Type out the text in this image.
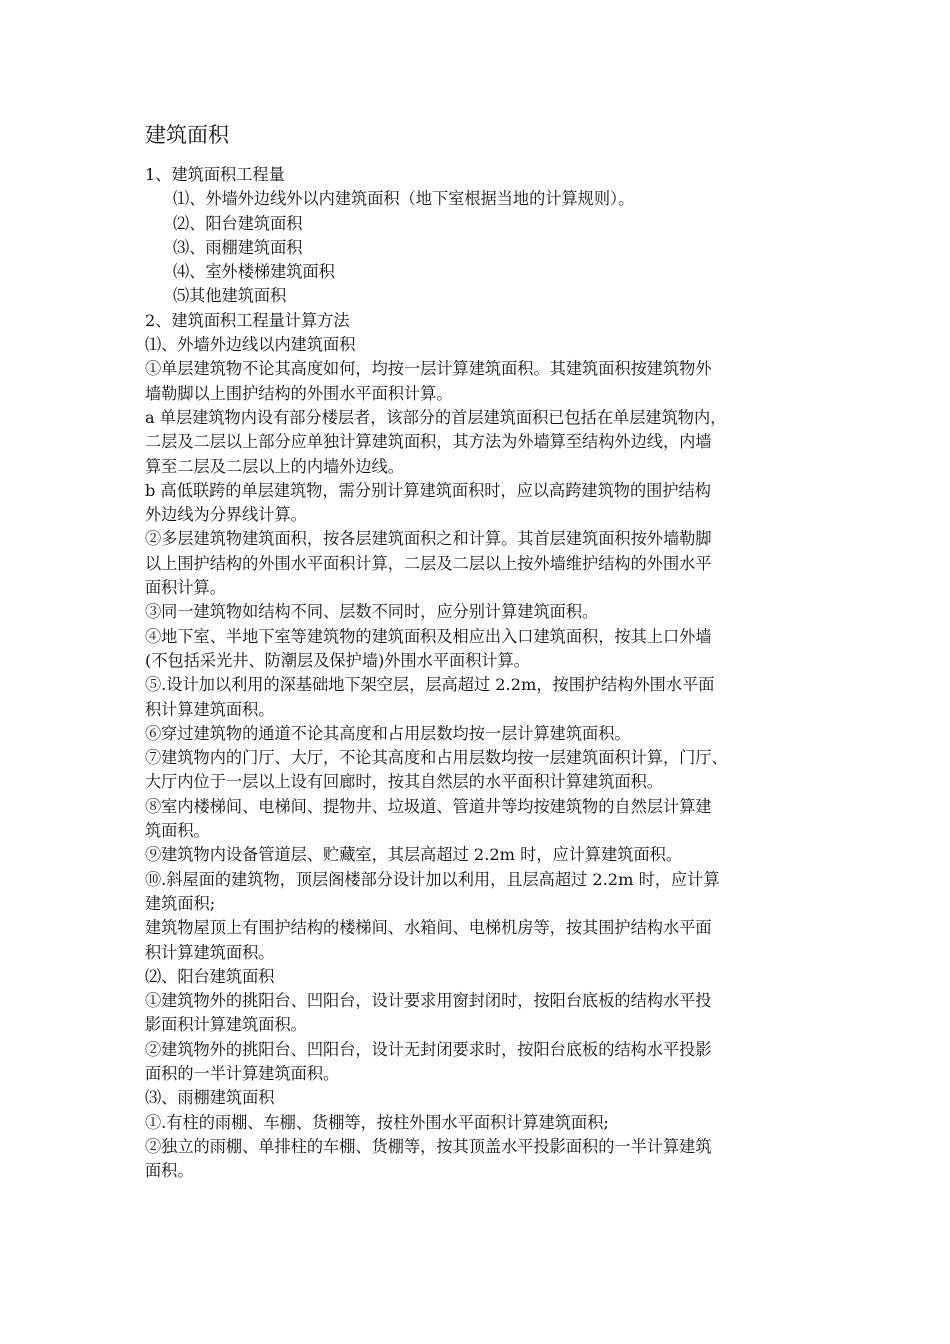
建筑面积
1、建筑面积工程量
⑴、外墙外边线外以内建筑面积（地下室根据当地的计算规则）。
⑵、阳台建筑面积
⑶、雨棚建筑面积
⑷、室外楼梯建筑面积
⑸其他建筑面积
2、建筑面积工程量计算方法
⑴、外墙外边线以内建筑面积
①单层建筑物不论其高度如何，均按一层计算建筑面积。其建筑面积按建筑物外
墙勒脚以上围护结构的外围水平面积计算。
a 单层建筑物内设有部分楼层者，该部分的首层建筑面积已包括在单层建筑物内，
二层及二层以上部分应单独计算建筑面积，其方法为外墙算至结构外边线，内墙
算至二层及二层以上的内墙外边线。
b 高低联跨的单层建筑物，需分别计算建筑面积时，应以高跨建筑物的围护结构
外边线为分界线计算。
②多层建筑物建筑面积，按各层建筑面积之和计算。其首层建筑面积按外墙勒脚
以上围护结构的外围水平面积计算，二层及二层以上按外墙维护结构的外围水平
面积计算。
③同一建筑物如结构不同、层数不同时，应分别计算建筑面积。
④地下室、半地下室等建筑物的建筑面积及相应出入口建筑面积，按其上口外墙
(不包括采光井、防潮层及保护墙)外围水平面积计算。
⑤.设计加以利用的深基础地下架空层，层高超过 2.2m，按围护结构外围水平面
积计算建筑面积。
⑥穿过建筑物的通道不论其高度和占用层数均按一层计算建筑面积。
⑦建筑物内的门厅、大厅，不论其高度和占用层数均按一层建筑面积计算，门厅、
大厅内位于一层以上设有回廊时，按其自然层的水平面积计算建筑面积。
⑧室内楼梯间、电梯间、提物井、垃圾道、管道井等均按建筑物的自然层计算建
筑面积。
⑨建筑物内设备管道层、贮藏室，其层高超过 2.2m 时，应计算建筑面积。
⑩.斜屋面的建筑物，顶层阁楼部分设计加以利用，且层高超过 2.2m 时，应计算
建筑面积;
建筑物屋顶上有围护结构的楼梯间、水箱间、电梯机房等，按其围护结构水平面
积计算建筑面积。
⑵、阳台建筑面积
①建筑物外的挑阳台、凹阳台，设计要求用窗封闭时，按阳台底板的结构水平投
影面积计算建筑面积。
②建筑物外的挑阳台、凹阳台，设计无封闭要求时，按阳台底板的结构水平投影
面积的一半计算建筑面积。
⑶、雨棚建筑面积
①.有柱的雨棚、车棚、货棚等，按柱外围水平面积计算建筑面积;
②独立的雨棚、单排柱的车棚、货棚等，按其顶盖水平投影面积的一半计算建筑
面积。
